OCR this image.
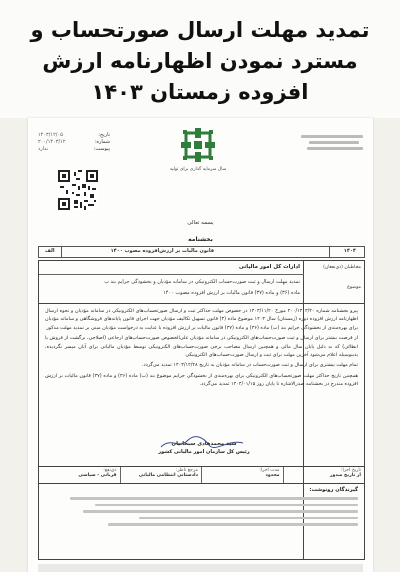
تمدید مهلت ارسال صورتحساب و
مسترد نمودن اظهارنامه ارزش
افزوده زمستان ۱۴۰۳
تاریخ:
۱۴۰۳/۱۲/۰۵
شماره:
۲۰۰/۱۴۰۳/۱۲
پیوست:
ندارد
سال سرمایه گذاری برای تولید
بسمه تعالی
بخشنامه
۱۴۰۴
قانون مالیات بر ارزش‌افزوده مصوب ۱۴۰۰
الف
مخاطبان (ذی‌نفعان)
موضوع
ادارات کل امور مالیاتی
تمدید مهلت ارسال و ثبت صورت‌حساب الکترونیکی در سامانه مؤدیان و بخشودگی جرایم بند ب
ماده (۳۶) و ماده (۳۷) قانون مالیات بر ارزش افزوده مصوب ۱۴۰۰

پیرو بخشنامه شماره ۲۰۰/۱۴۰۳/۴۰ مورخ ۱۴۰۳/۱۱/۲۰ در خصوص مهلت حداکثر ثبت و ارسال صورتحساب‌های الکترونیکی در سامانه مؤدیان و نحوه ارسال اظهارنامه ارزش افزوده دوره (زمستان) سال ۱۴۰۳ موضوع ماده (۳) قانون تسهیل تکالیف مؤدیان جهت اجرای قانون پایانه‌های فروشگاهی و سامانه مؤدیان برای بهره‌مندی از بخشودگی جرایم بند (ب) ماده (۳۶) و ماده (۳۷) قانون مالیات بر ارزش افزوده با عنایت به درخواست مؤدیان مبنی بر تمدید مهلت مذکور

از فرصت بیشتر برای ارسال و ثبت صورت‌حساب‌های الکترونیکی در سامانه مؤدیان علی‌الخصوص صورت‌حساب‌های ارجاعی (اصلاحی، برگشت از فروش یا ابطالی) که به دلیل پایان سال مالی و همچنین ارسال مصاحب برخی صورت‌حساب‌های الکترونیکی توسط مؤدیان مالیاتی برای آنان میسر نگردیده، بدینوسیله اعلام می‌شود آخرین مهلت برای ثبت و ارسال صورت‌حساب‌های الکترونیکی

تمام مهلت بیشتری برای ارسال و ثبت صورت‌حساب در سامانه مؤدیان به تاریخ ۱۴۰۳/۱۲/۲۸ تمدید می‌گردد.

همچنین تاریخ حداکثر مهلت صورتحساب‌های الکترونیکی برای بهره‌مندی از بخشودگی جرایم موضوع بند (ب) ماده (۳۶) و ماده (۳۷) قانون مالیات بر ارزش افزوده مندرج در بخشنامه صدرالاشاره تا پایان روز ۱۴۰۴/۰۱/۱۵ تمدید می‌گردد.

سید محمدهادی سبحانیان
رئیس کل سازمان امور مالیاتی کشور
تاریخ اجرا:
از تاریخ صدور
مدت اجرا:
محدود
مرجع ناظر:
دادستانی انتظامی مالیاتی
ذی‌نفع:
قربانی - سپاسی
گیرندگان رونوشت:
